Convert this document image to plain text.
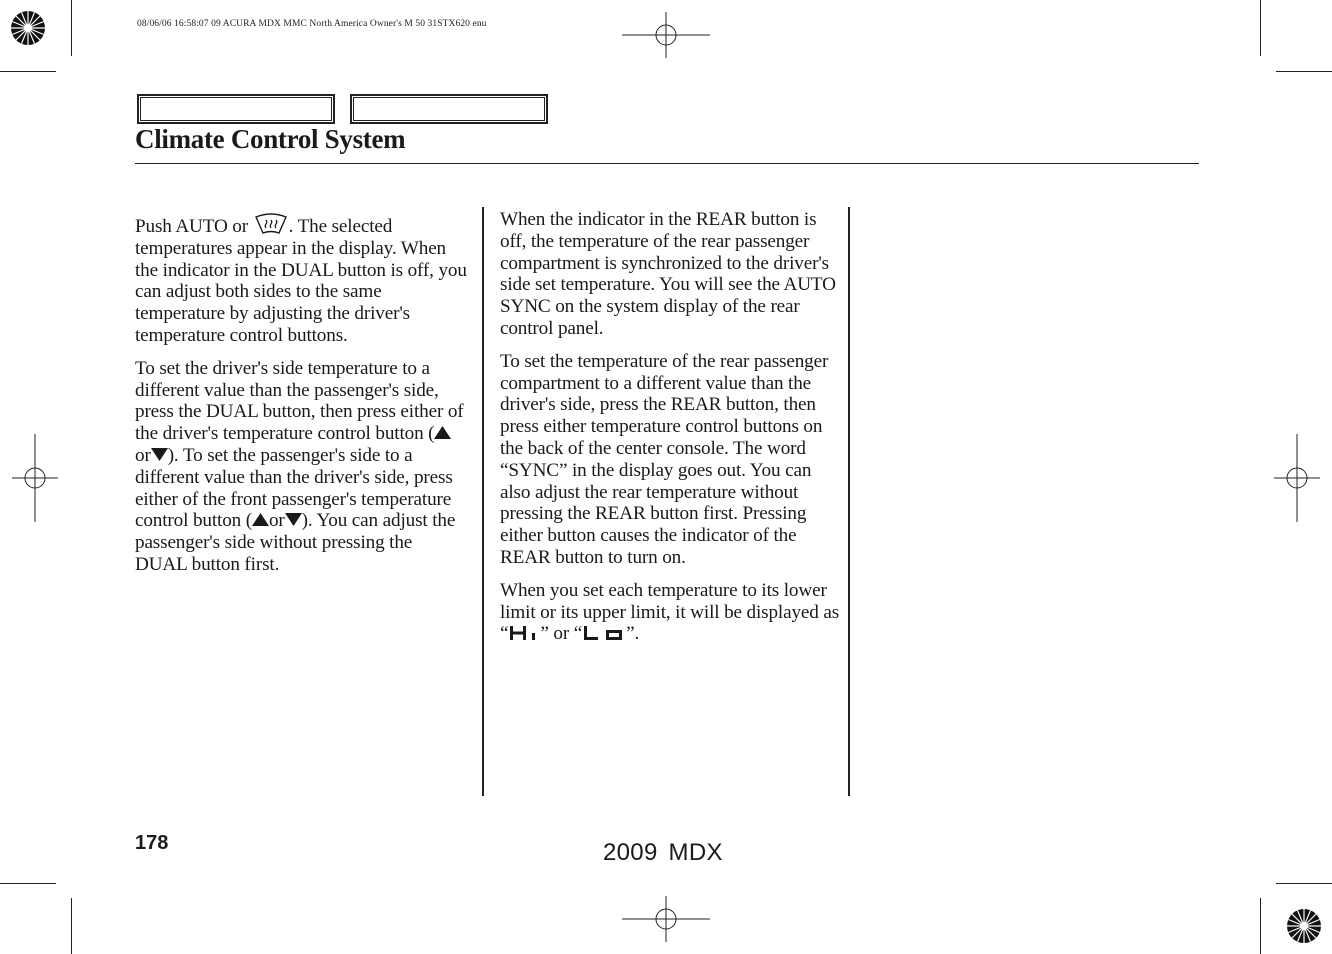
08/06/06 16:58:07 09 ACURA MDX MMC North America Owner's M 50 31STX620 enu
Climate Control System

Push AUTO or . The selected temperatures appear in the display. When the indicator in the DUAL button is off, you can adjust both sides to the same temperature by adjusting the driver's temperature control buttons.

To set the driver's side temperature to a different value than the passenger's side, press the DUAL button, then press either of the driver's temperature control button (or ). To set the passenger's side to a different value than the driver's side, press either of the front passenger's temperature control button ( or ). You can adjust the passenger's side without pressing the DUAL button first.

When the indicator in the REAR button is off, the temperature of the rear passenger compartment is synchronized to the driver's side set temperature. You will see the AUTO SYNC on the system display of the rear control panel.

To set the temperature of the rear passenger compartment to a different value than the driver's side, press the REAR button, then press either temperature control buttons on the back of the center console. The word “SYNC” in the display goes out. You can also adjust the rear temperature without pressing the REAR button first. Pressing either button causes the indicator of the REAR button to turn on.

When you set each temperature to its lower limit or its upper limit, it will be displayed as “ ” or “ ”.

178	2009 MDX
